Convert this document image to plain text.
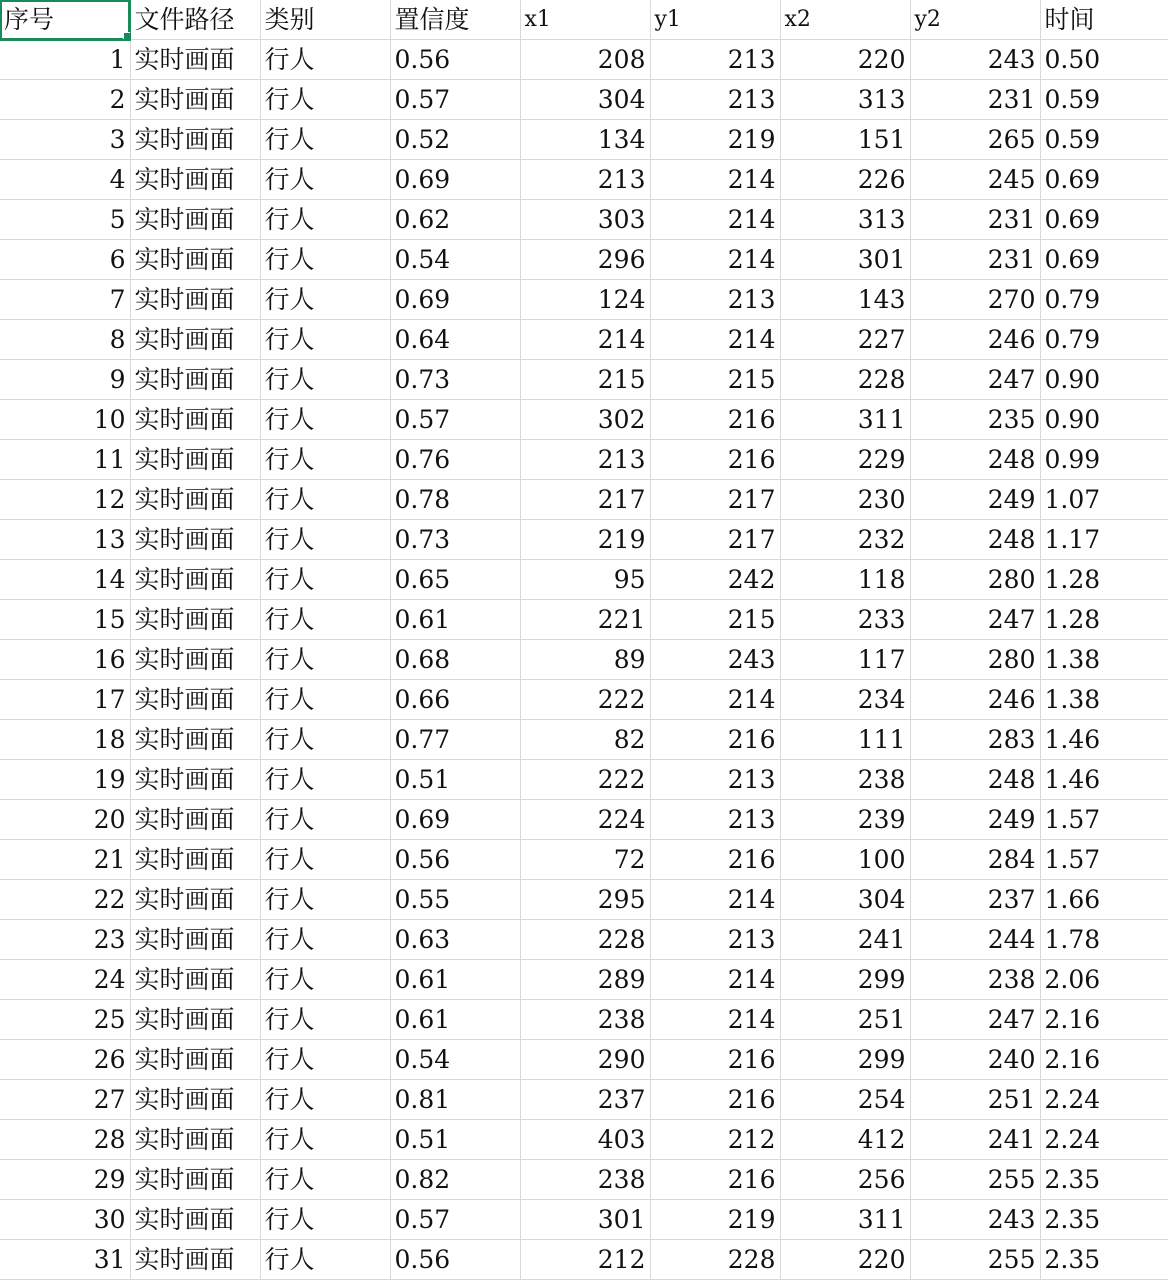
序号	文件路径	类别	置信度	x1	y1	x2	y2	时间
1	实时画面	行人	0.56	208	213	220	243	0.50
2	实时画面	行人	0.57	304	213	313	231	0.59
3	实时画面	行人	0.52	134	219	151	265	0.59
4	实时画面	行人	0.69	213	214	226	245	0.69
5	实时画面	行人	0.62	303	214	313	231	0.69
6	实时画面	行人	0.54	296	214	301	231	0.69
7	实时画面	行人	0.69	124	213	143	270	0.79
8	实时画面	行人	0.64	214	214	227	246	0.79
9	实时画面	行人	0.73	215	215	228	247	0.90
10	实时画面	行人	0.57	302	216	311	235	0.90
11	实时画面	行人	0.76	213	216	229	248	0.99
12	实时画面	行人	0.78	217	217	230	249	1.07
13	实时画面	行人	0.73	219	217	232	248	1.17
14	实时画面	行人	0.65	95	242	118	280	1.28
15	实时画面	行人	0.61	221	215	233	247	1.28
16	实时画面	行人	0.68	89	243	117	280	1.38
17	实时画面	行人	0.66	222	214	234	246	1.38
18	实时画面	行人	0.77	82	216	111	283	1.46
19	实时画面	行人	0.51	222	213	238	248	1.46
20	实时画面	行人	0.69	224	213	239	249	1.57
21	实时画面	行人	0.56	72	216	100	284	1.57
22	实时画面	行人	0.55	295	214	304	237	1.66
23	实时画面	行人	0.63	228	213	241	244	1.78
24	实时画面	行人	0.61	289	214	299	238	2.06
25	实时画面	行人	0.61	238	214	251	247	2.16
26	实时画面	行人	0.54	290	216	299	240	2.16
27	实时画面	行人	0.81	237	216	254	251	2.24
28	实时画面	行人	0.51	403	212	412	241	2.24
29	实时画面	行人	0.82	238	216	256	255	2.35
30	实时画面	行人	0.57	301	219	311	243	2.35
31	实时画面	行人	0.56	212	228	220	255	2.35
